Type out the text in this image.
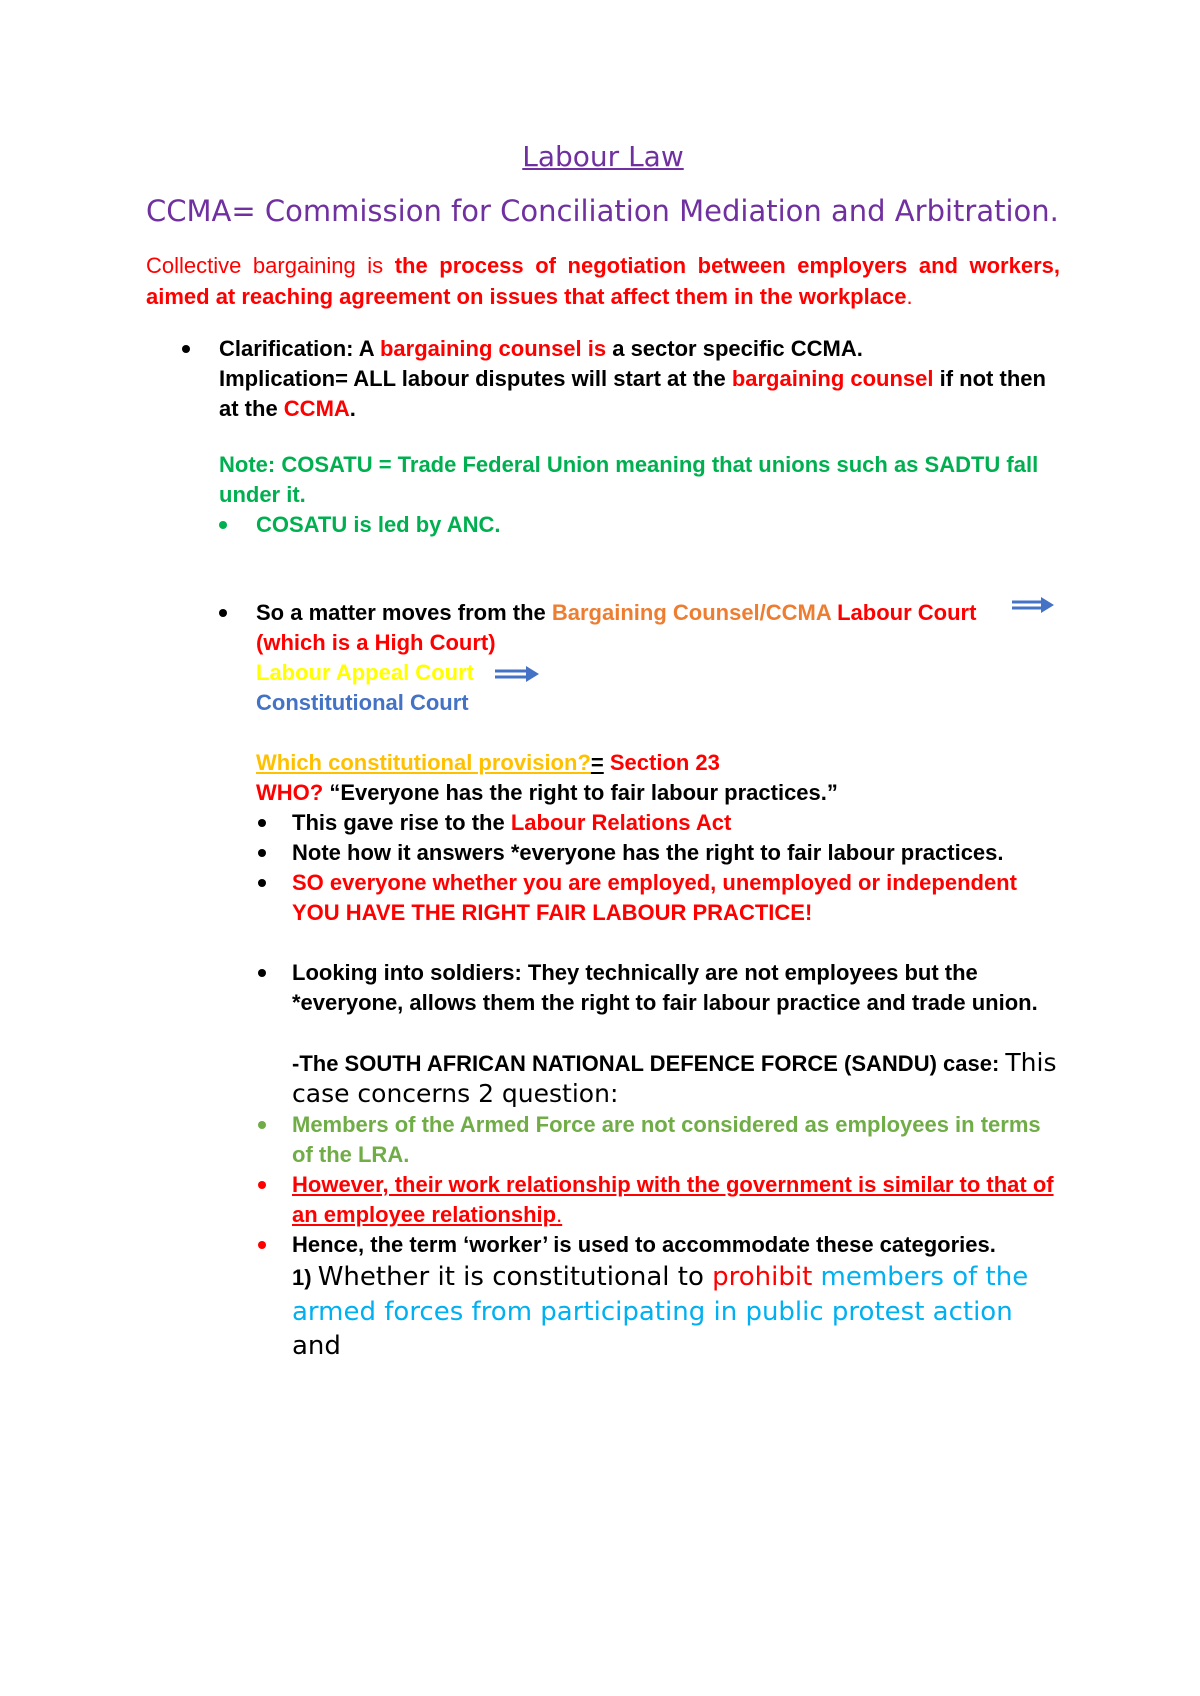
Labour Law
CCMA= Commission for Conciliation Mediation and Arbitration.
Collective bargaining is the process of negotiation between employers and workers, aimed at reaching agreement on issues that affect them in the workplace.
Clarification: A bargaining counsel is a sector specific CCMA.
Implication= ALL labour disputes will start at the bargaining counsel if not then at the CCMA.
Note: COSATU = Trade Federal Union meaning that unions such as SADTU fall under it.
COSATU is led by ANC.
So a matter moves from the Bargaining Counsel/CCMA Labour Court
(which is a High Court)
Labour Appeal Court
Constitutional Court
Which constitutional provision?= Section 23
WHO? “Everyone has the right to fair labour practices.”
This gave rise to the Labour Relations Act
Note how it answers *everyone has the right to fair labour practices.
SO everyone whether you are employed, unemployed or independent YOU HAVE THE RIGHT FAIR LABOUR PRACTICE!
Looking into soldiers: They technically are not employees but the *everyone, allows them the right to fair labour practice and trade union.
-The SOUTH AFRICAN NATIONAL DEFENCE FORCE (SANDU) case: This case concerns 2 question:
Members of the Armed Force are not considered as employees in terms of the LRA.
However, their work relationship with the government is similar to that of an employee relationship.
Hence, the term ‘worker’ is used to accommodate these categories.
1) Whether it is constitutional to prohibit members of the armed forces from participating in public protest action and
